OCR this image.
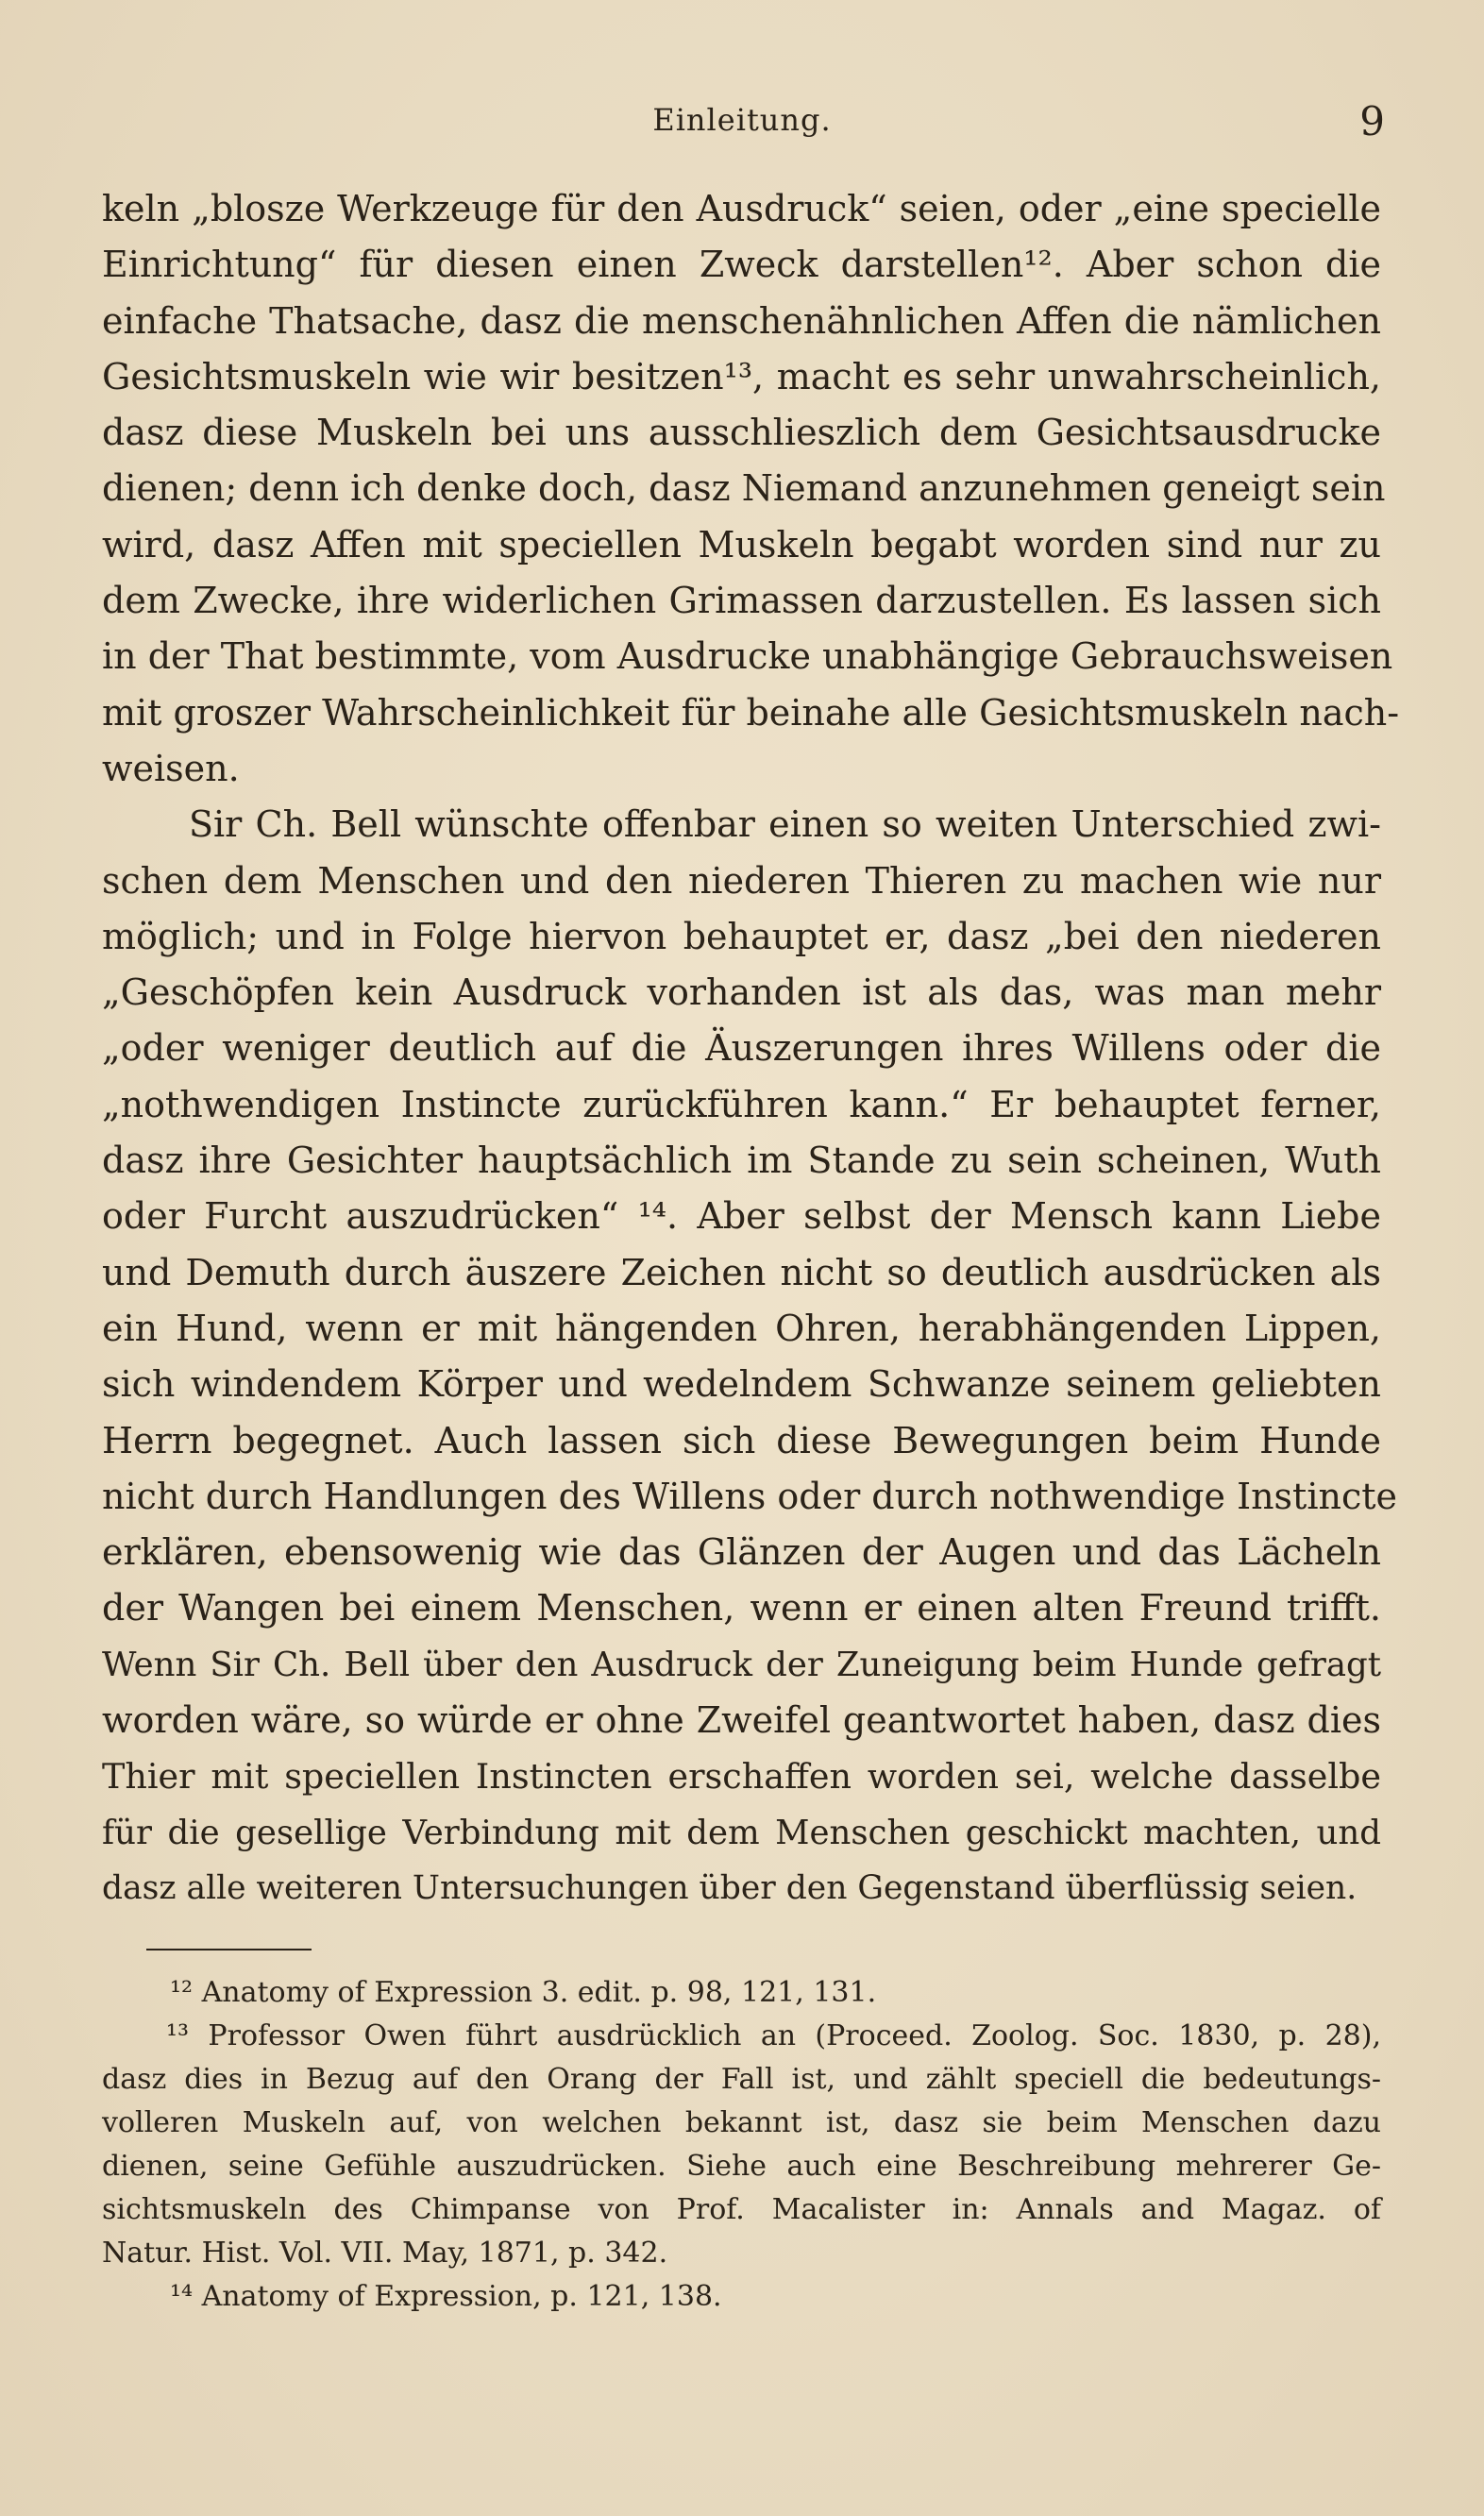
Einleitung.	9
keln „blosze Werkzeuge für den Ausdruck“ seien, oder „eine specielle
Einrichtung“ für diesen einen Zweck darstellen¹². Aber schon die
einfache Thatsache, dasz die menschenähnlichen Affen die nämlichen
Gesichtsmuskeln wie wir besitzen¹³, macht es sehr unwahrscheinlich,
dasz diese Muskeln bei uns ausschlieszlich dem Gesichtsausdrucke
dienen; denn ich denke doch, dasz Niemand anzunehmen geneigt sein
wird, dasz Affen mit speciellen Muskeln begabt worden sind nur zu
dem Zwecke, ihre widerlichen Grimassen darzustellen. Es lassen sich
in der That bestimmte, vom Ausdrucke unabhängige Gebrauchsweisen
mit groszer Wahrscheinlichkeit für beinahe alle Gesichtsmuskeln nach-
weisen.
Sir Ch. Bell wünschte offenbar einen so weiten Unterschied zwi-
schen dem Menschen und den niederen Thieren zu machen wie nur
möglich; und in Folge hiervon behauptet er, dasz „bei den niederen
„Geschöpfen kein Ausdruck vorhanden ist als das, was man mehr
„oder weniger deutlich auf die Äuszerungen ihres Willens oder die
„nothwendigen Instincte zurückführen kann.“ Er behauptet ferner,
dasz ihre Gesichter hauptsächlich im Stande zu sein scheinen, Wuth
oder Furcht auszudrücken“ ¹⁴. Aber selbst der Mensch kann Liebe
und Demuth durch äuszere Zeichen nicht so deutlich ausdrücken als
ein Hund, wenn er mit hängenden Ohren, herabhängenden Lippen,
sich windendem Körper und wedelndem Schwanze seinem geliebten
Herrn begegnet. Auch lassen sich diese Bewegungen beim Hunde
nicht durch Handlungen des Willens oder durch nothwendige Instincte
erklären, ebensowenig wie das Glänzen der Augen und das Lächeln
der Wangen bei einem Menschen, wenn er einen alten Freund trifft.
Wenn Sir Ch. Bell über den Ausdruck der Zuneigung beim Hunde gefragt
worden wäre, so würde er ohne Zweifel geantwortet haben, dasz dies
Thier mit speciellen Instincten erschaffen worden sei, welche dasselbe
für die gesellige Verbindung mit dem Menschen geschickt machten, und
dasz alle weiteren Untersuchungen über den Gegenstand überflüssig seien.
¹² Anatomy of Expression 3. edit. p. 98, 121, 131.
¹³ Professor Owen führt ausdrücklich an (Proceed. Zoolog. Soc. 1830, p. 28),
dasz dies in Bezug auf den Orang der Fall ist, und zählt speciell die bedeutungs-
volleren Muskeln auf, von welchen bekannt ist, dasz sie beim Menschen dazu
dienen, seine Gefühle auszudrücken. Siehe auch eine Beschreibung mehrerer Ge-
sichtsmuskeln des Chimpanse von Prof. Macalister in: Annals and Magaz. of
Natur. Hist. Vol. VII. May, 1871, p. 342.
¹⁴ Anatomy of Expression, p. 121, 138.
